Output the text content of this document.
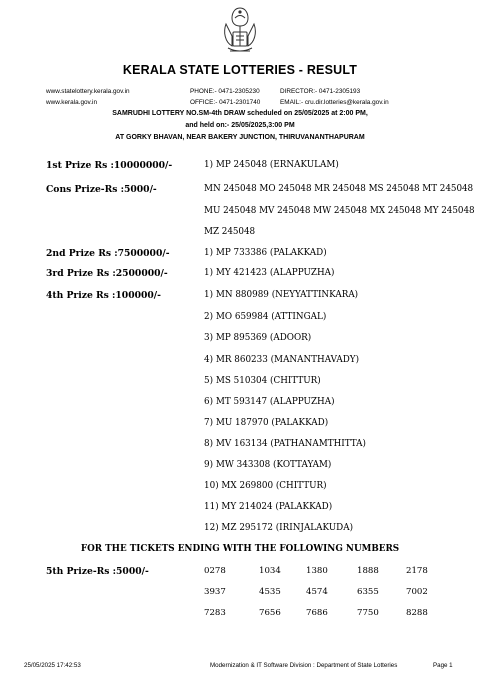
KERALA STATE LOTTERIES - RESULT
www.statelottery.kerala.gov.in	PHONE:- 0471-2305230	DIRECTOR:- 0471-2305193
www.kerala.gov.in	OFFICE:- 0471-2301740	EMAIL:- cru.dir.lotteries@kerala.gov.in
SAMRUDHI LOTTERY NO.SM-4th DRAW scheduled on 25/05/2025 at 2:00 PM,
and held on:- 25/05/2025,3:00 PM
AT GORKY BHAVAN, NEAR BAKERY JUNCTION, THIRUVANANTHAPURAM
1st Prize Rs :10000000/-	1) MP 245048 (ERNAKULAM)
Cons Prize-Rs :5000/-	MN 245048 MO 245048 MR 245048 MS 245048 MT 245048
MU 245048 MV 245048 MW 245048 MX 245048 MY 245048
MZ 245048
2nd Prize Rs :7500000/-	1) MP 733386 (PALAKKAD)
3rd Prize Rs :2500000/-	1) MY 421423 (ALAPPUZHA)
4th Prize Rs :100000/-	1) MN 880989 (NEYYATTINKARA)
2) MO 659984 (ATTINGAL)
3) MP 895369 (ADOOR)
4) MR 860233 (MANANTHAVADY)
5) MS 510304 (CHITTUR)
6) MT 593147 (ALAPPUZHA)
7) MU 187970 (PALAKKAD)
8) MV 163134 (PATHANAMTHITTA)
9) MW 343308 (KOTTAYAM)
10) MX 269800 (CHITTUR)
11) MY 214024 (PALAKKAD)
12) MZ 295172 (IRINJALAKUDA)
FOR THE TICKETS ENDING WITH THE FOLLOWING NUMBERS
5th Prize-Rs :5000/-	0278	1034	1380	1888	2178
3937	4535	4574	6355	7002
7283	7656	7686	7750	8288
25/05/2025 17:42:53	Modernization & IT Software Division : Department of State Lotteries	Page 1
